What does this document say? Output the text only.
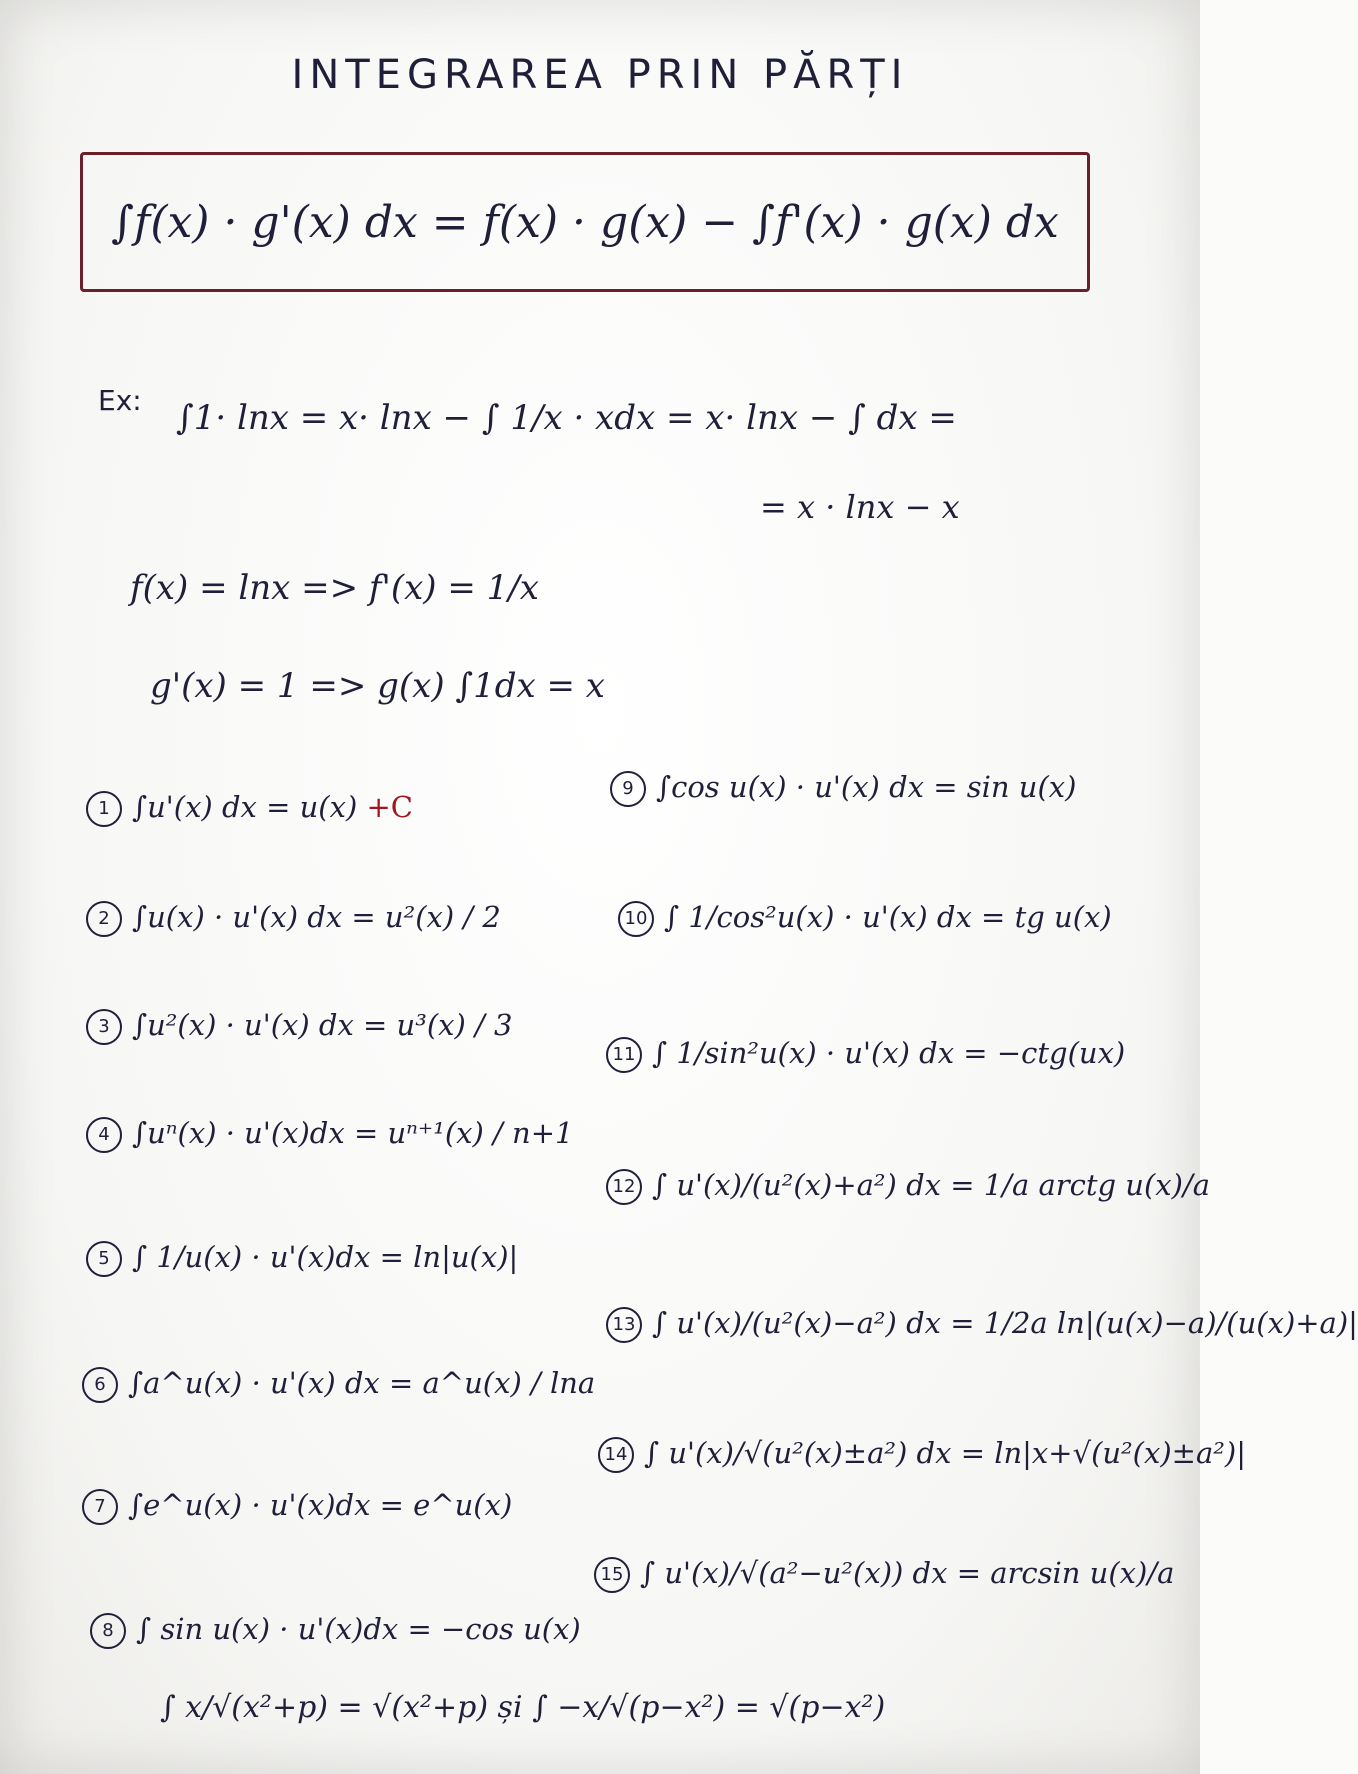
INTEGRAREA PRIN PĂRȚI
∫f(x) · g'(x) dx = f(x) · g(x) − ∫f'(x) · g(x) dx
Ex: ∫1· lnx = x· lnx − ∫ 1/x · xdx = x· lnx − ∫ dx =
= x · lnx − x
f(x) = lnx => f'(x) = 1/x
g'(x) = 1 => g(x) ∫1dx = x
1 ∫u'(x) dx = u(x) +C
2 ∫u(x) · u'(x) dx = u²(x) / 2
3 ∫u²(x) · u'(x) dx = u³(x) / 3
4 ∫uⁿ(x) · u'(x)dx = uⁿ⁺¹(x) / n+1
5 ∫ 1/u(x) · u'(x)dx = ln|u(x)|
6 ∫a^u(x) · u'(x) dx = a^u(x) / lna
7 ∫e^u(x) · u'(x)dx = e^u(x)
8 ∫ sin u(x) · u'(x)dx = −cos u(x)
9 ∫cos u(x) · u'(x) dx = sin u(x)
10 ∫ 1/cos²u(x) · u'(x) dx = tg u(x)
11 ∫ 1/sin²u(x) · u'(x) dx = −ctg(ux)
12 ∫ u'(x)/(u²(x)+a²) dx = 1/a arctg u(x)/a
13 ∫ u'(x)/(u²(x)−a²) dx = 1/2a ln|(u(x)−a)/(u(x)+a)|
14 ∫ u'(x)/√(u²(x)±a²) dx = ln|x+√(u²(x)±a²)|
15 ∫ u'(x)/√(a²−u²(x)) dx = arcsin u(x)/a
∫ x/√(x²+p) = √(x²+p) și ∫ −x/√(p−x²) = √(p−x²)
